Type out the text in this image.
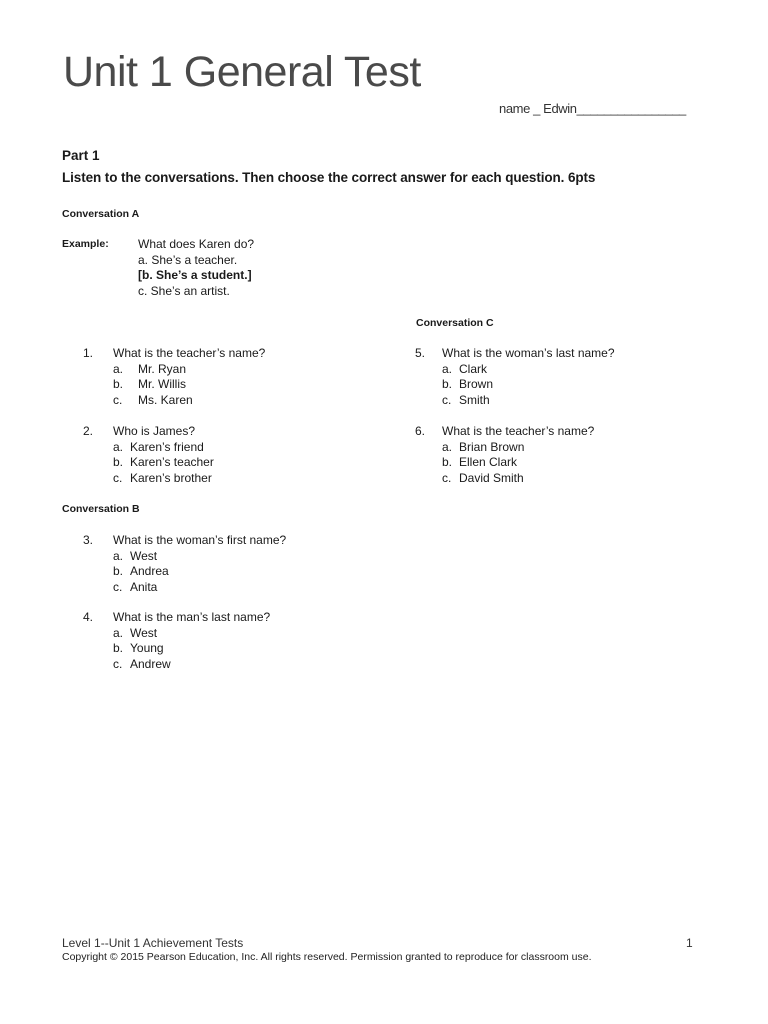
Unit 1 General Test
name _ Edwin________________
Part 1
Listen to the conversations. Then choose the correct answer for each question. 6pts
Conversation A
Example: What does Karen do?
a. She’s a teacher.
[b. She’s a student.]
c. She’s an artist.
1. What is the teacher’s name?
a. Mr. Ryan
b.	Mr. Willis
c. Ms. Karen
2. Who is James?
a. Karen’s friend
b. Karen’s teacher
c. Karen’s brother
Conversation B
3. What is the woman’s first name?
a. West
b. Andrea
c. Anita
4. What is the man’s last name?
a. West
b. Young
c. Andrew
Conversation C
5. What is the woman’s last name?
a. Clark
b. Brown
c. Smith
6. What is the teacher’s name?
a. Brian Brown
b. Ellen Clark
c. David Smith
Level 1--Unit 1 Achievement Tests	1
Copyright © 2015 Pearson Education, Inc. All rights reserved. Permission granted to reproduce for classroom use.
